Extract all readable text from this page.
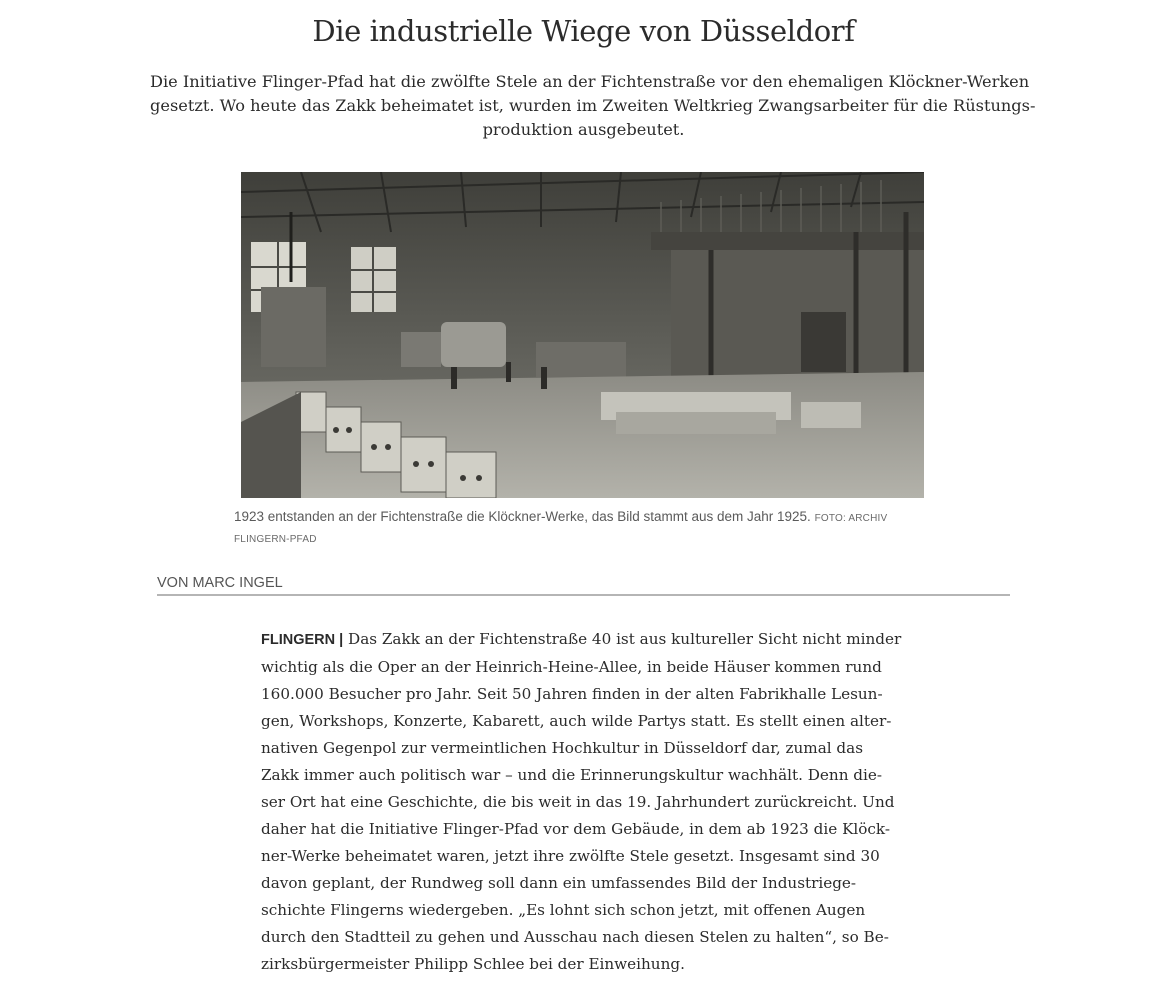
Die industrielle Wiege von Düsseldorf

Die Initiative Flinger-Pfad hat die zwölfte Stele an der Fichtenstraße vor den ehemaligen Klöckner-Werken
gesetzt. Wo heute das Zakk beheimatet ist, wurden im Zweiten Weltkrieg Zwangsarbeiter für die Rüstungs-
produktion ausgebeutet.

1923 entstanden an der Fichtenstraße die Klöckner-Werke, das Bild stammt aus dem Jahr 1925. FOTO: ARCHIV FLINGERN-PFAD
VON MARC INGEL

FLINGERN | Das Zakk an der Fichtenstraße 40 ist aus kultureller Sicht nicht minder
wichtig als die Oper an der Heinrich-Heine-Allee, in beide Häuser kommen rund
160.000 Besucher pro Jahr. Seit 50 Jahren finden in der alten Fabrikhalle Lesun-
gen, Workshops, Konzerte, Kabarett, auch wilde Partys statt. Es stellt einen alter-
nativen Gegenpol zur vermeintlichen Hochkultur in Düsseldorf dar, zumal das
Zakk immer auch politisch war – und die Erinnerungskultur wachhält. Denn die-
ser Ort hat eine Geschichte, die bis weit in das 19. Jahrhundert zurückreicht. Und
daher hat die Initiative Flinger-Pfad vor dem Gebäude, in dem ab 1923 die Klöck-
ner-Werke beheimatet waren, jetzt ihre zwölfte Stele gesetzt. Insgesamt sind 30
davon geplant, der Rundweg soll dann ein umfassendes Bild der Industriege-
schichte Flingerns wiedergeben. „Es lohnt sich schon jetzt, mit offenen Augen
durch den Stadtteil zu gehen und Ausschau nach diesen Stelen zu halten“, so Be-
zirksbürgermeister Philipp Schlee bei der Einweihung.
